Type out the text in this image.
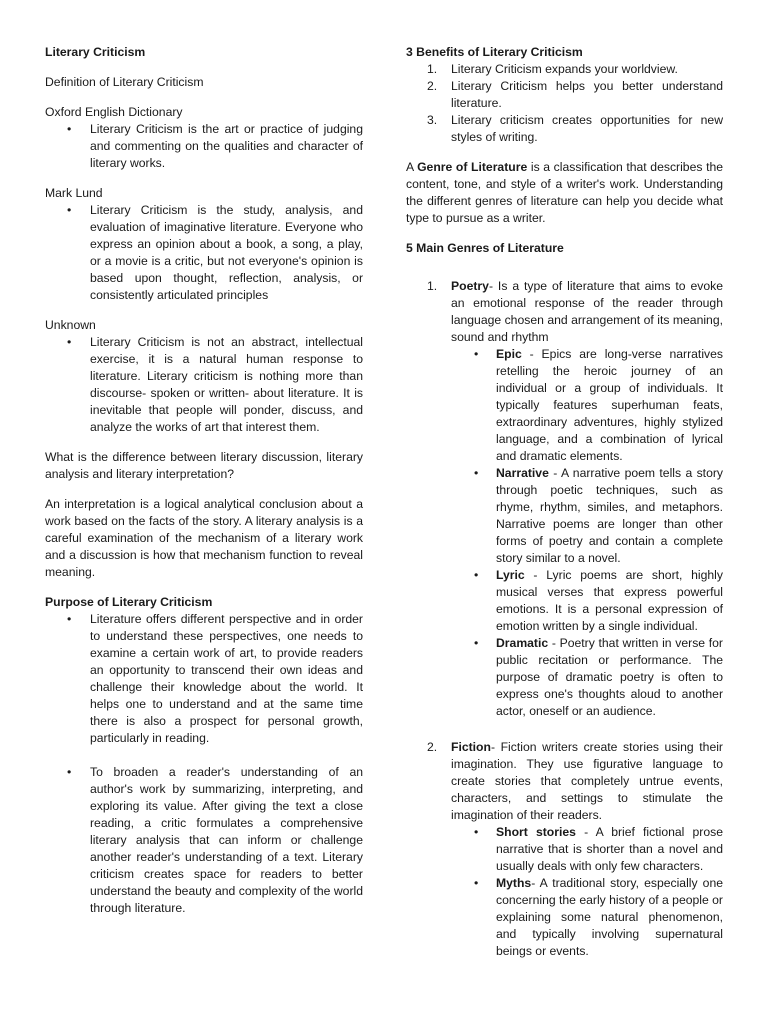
Literary Criticism

Definition of Literary Criticism

Oxford English Dictionary

• Literary Criticism is the art or practice of judging and commenting on the qualities and character of literary works.

Mark Lund

• Literary Criticism is the study, analysis, and evaluation of imaginative literature. Everyone who express an opinion about a book, a song, a play, or a movie is a critic, but not everyone's opinion is based upon thought, reflection, analysis, or consistently articulated principles

Unknown

• Literary Criticism is not an abstract, intellectual exercise, it is a natural human response to literature. Literary criticism is nothing more than discourse- spoken or written- about literature. It is inevitable that people will ponder, discuss, and analyze the works of art that interest them.

What is the difference between literary discussion, literary analysis and literary interpretation?

An interpretation is a logical analytical conclusion about a work based on the facts of the story. A literary analysis is a careful examination of the mechanism of a literary work and a discussion is how that mechanism function to reveal meaning.

Purpose of Literary Criticism

• Literature offers different perspective and in order to understand these perspectives, one needs to examine a certain work of art, to provide readers an opportunity to transcend their own ideas and challenge their knowledge about the world. It helps one to understand and at the same time there is also a prospect for personal growth, particularly in reading.
• To broaden a reader's understanding of an author's work by summarizing, interpreting, and exploring its value. After giving the text a close reading, a critic formulates a comprehensive literary analysis that can inform or challenge another reader's understanding of a text. Literary criticism creates space for readers to better understand the beauty and complexity of the world through literature.

3 Benefits of Literary Criticism

1. Literary Criticism expands your worldview.
2. Literary Criticism helps you better understand literature.
3. Literary criticism creates opportunities for new styles of writing.

A Genre of Literature is a classification that describes the content, tone, and style of a writer's work. Understanding the different genres of literature can help you decide what type to pursue as a writer.

5 Main Genres of Literature

1. Poetry- Is a type of literature that aims to evoke an emotional response of the reader through language chosen and arrangement of its meaning, sound and rhythm
• Epic - Epics are long-verse narratives retelling the heroic journey of an individual or a group of individuals. It typically features superhuman feats, extraordinary adventures, highly stylized language, and a combination of lyrical and dramatic elements.
• Narrative - A narrative poem tells a story through poetic techniques, such as rhyme, rhythm, similes, and metaphors. Narrative poems are longer than other forms of poetry and contain a complete story similar to a novel.
• Lyric - Lyric poems are short, highly musical verses that express powerful emotions. It is a personal expression of emotion written by a single individual.
• Dramatic - Poetry that written in verse for public recitation or performance. The purpose of dramatic poetry is often to express one's thoughts aloud to another actor, oneself or an audience.
2. Fiction- Fiction writers create stories using their imagination. They use figurative language to create stories that completely untrue events, characters, and settings to stimulate the imagination of their readers.
• Short stories - A brief fictional prose narrative that is shorter than a novel and usually deals with only few characters.
• Myths- A traditional story, especially one concerning the early history of a people or explaining some natural phenomenon, and typically involving supernatural beings or events.
